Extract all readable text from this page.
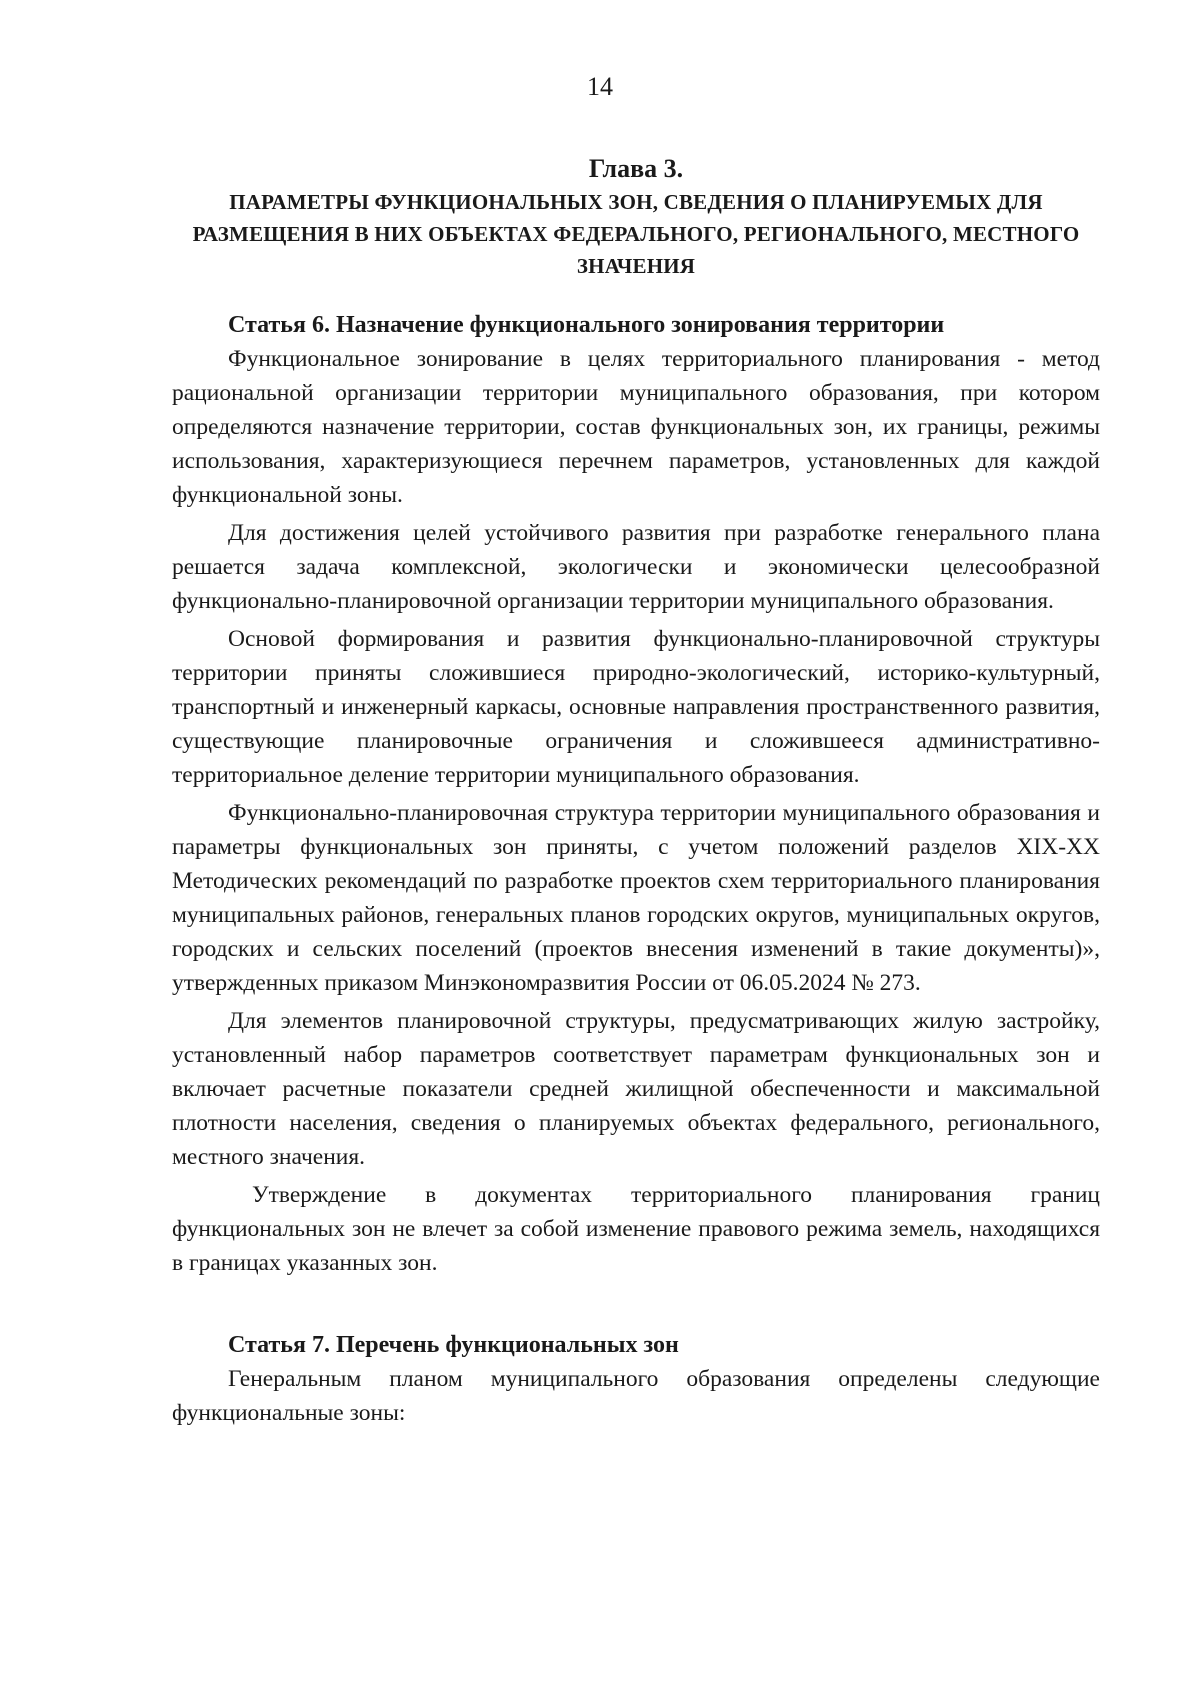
14
Глава 3.
ПАРАМЕТРЫ ФУНКЦИОНАЛЬНЫХ ЗОН, СВЕДЕНИЯ О ПЛАНИРУЕМЫХ ДЛЯ РАЗМЕЩЕНИЯ В НИХ ОБЪЕКТАХ ФЕДЕРАЛЬНОГО, РЕГИОНАЛЬНОГО, МЕСТНОГО ЗНАЧЕНИЯ
Статья 6. Назначение функционального зонирования территории

Функциональное зонирование в целях территориального планирования - метод рациональной организации территории муниципального образования, при котором определяются назначение территории, состав функциональных зон, их границы, режимы использования, характеризующиеся перечнем параметров, установленных для каждой функциональной зоны.

Для достижения целей устойчивого развития при разработке генерального плана решается задача комплексной, экологически и экономически целесообразной функционально-планировочной организации территории муниципального образования.

Основой формирования и развития функционально-планировочной структуры территории приняты сложившиеся природно-экологический, историко-культурный, транспортный и инженерный каркасы, основные направления пространственного развития, существующие планировочные ограничения и сложившееся административно-территориальное деление территории муниципального образования.

Функционально-планировочная структура территории муниципального образования и параметры функциональных зон приняты, с учетом положений разделов XIX-XX Методических рекомендаций по разработке проектов схем территориального планирования муниципальных районов, генеральных планов городских округов, муниципальных округов, городских и сельских поселений (проектов внесения изменений в такие документы)», утвержденных приказом Минэкономразвития России от 06.05.2024 № 273.

Для элементов планировочной структуры, предусматривающих жилую застройку, установленный набор параметров соответствует параметрам функциональных зон и включает расчетные показатели средней жилищной обеспеченности и максимальной плотности населения, сведения о планируемых объектах федерального, регионального, местного значения.

Утверждение в документах территориального планирования границ функциональных зон не влечет за собой изменение правового режима земель, находящихся в границах указанных зон.

Статья 7. Перечень функциональных зон

Генеральным планом муниципального образования определены следующие функциональные зоны:
